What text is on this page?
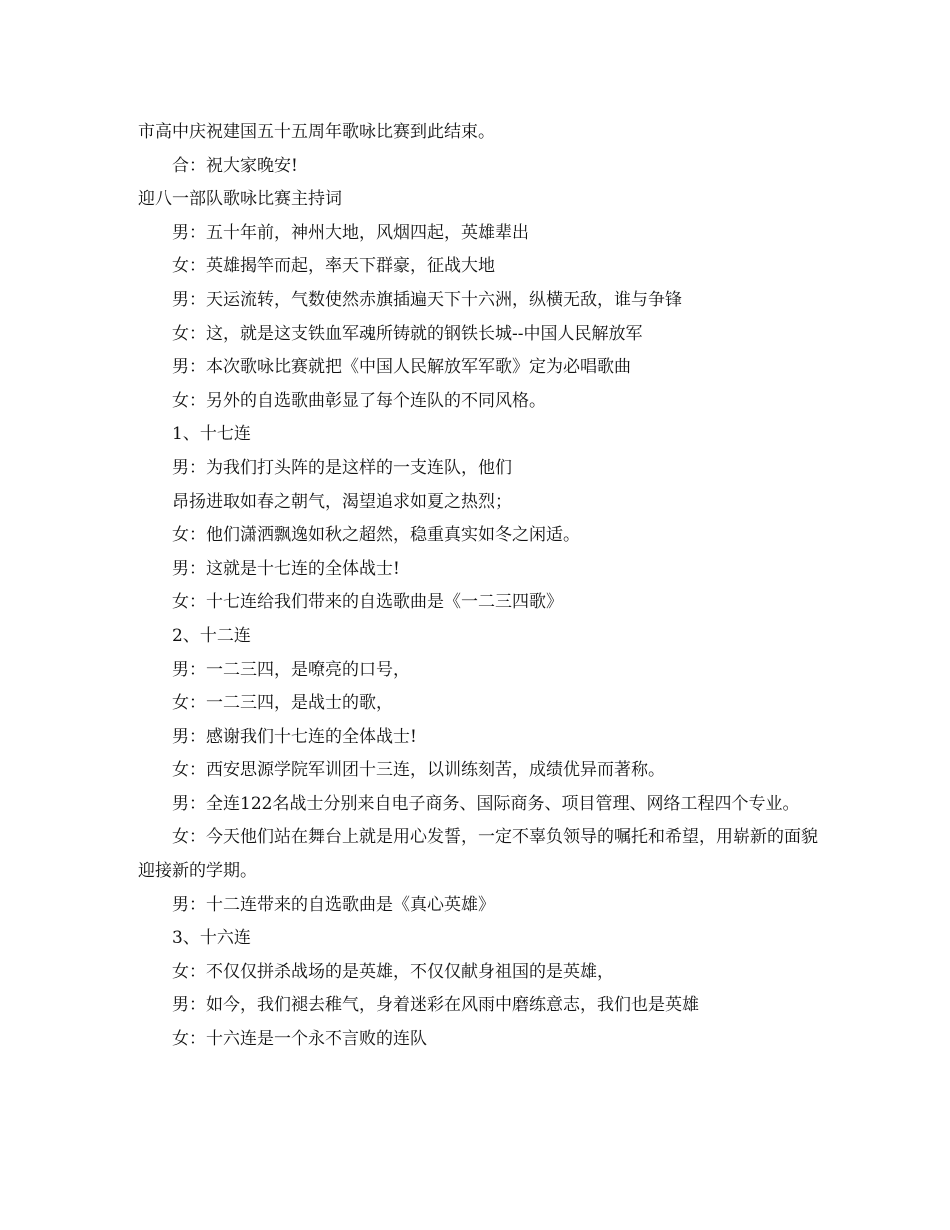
市高中庆祝建国五十五周年歌咏比赛到此结束。

合：祝大家晚安!

迎八一部队歌咏比赛主持词

男：五十年前，神州大地，风烟四起，英雄辈出

女：英雄揭竿而起，率天下群豪，征战大地

男：天运流转，气数使然赤旗插遍天下十六洲，纵横无敌，谁与争锋

女：这，就是这支铁血军魂所铸就的钢铁长城--中国人民解放军

男：本次歌咏比赛就把《中国人民解放军军歌》定为必唱歌曲

女：另外的自选歌曲彰显了每个连队的不同风格。

1、十七连

男：为我们打头阵的是这样的一支连队，他们

昂扬进取如春之朝气，渴望追求如夏之热烈；

女：他们潇洒飘逸如秋之超然，稳重真实如冬之闲适。

男：这就是十七连的全体战士!

女：十七连给我们带来的自选歌曲是《一二三四歌》

2、十二连

男：一二三四，是嘹亮的口号，

女：一二三四，是战士的歌，

男：感谢我们十七连的全体战士!

女：西安思源学院军训团十三连，以训练刻苦，成绩优异而著称。

男：全连122名战士分别来自电子商务、国际商务、项目管理、网络工程四个专业。

女：今天他们站在舞台上就是用心发誓，一定不辜负领导的嘱托和希望，用崭新的面貌迎接新的学期。

男：十二连带来的自选歌曲是《真心英雄》

3、十六连

女：不仅仅拼杀战场的是英雄，不仅仅献身祖国的是英雄，

男：如今，我们褪去稚气，身着迷彩在风雨中磨练意志，我们也是英雄

女：十六连是一个永不言败的连队
